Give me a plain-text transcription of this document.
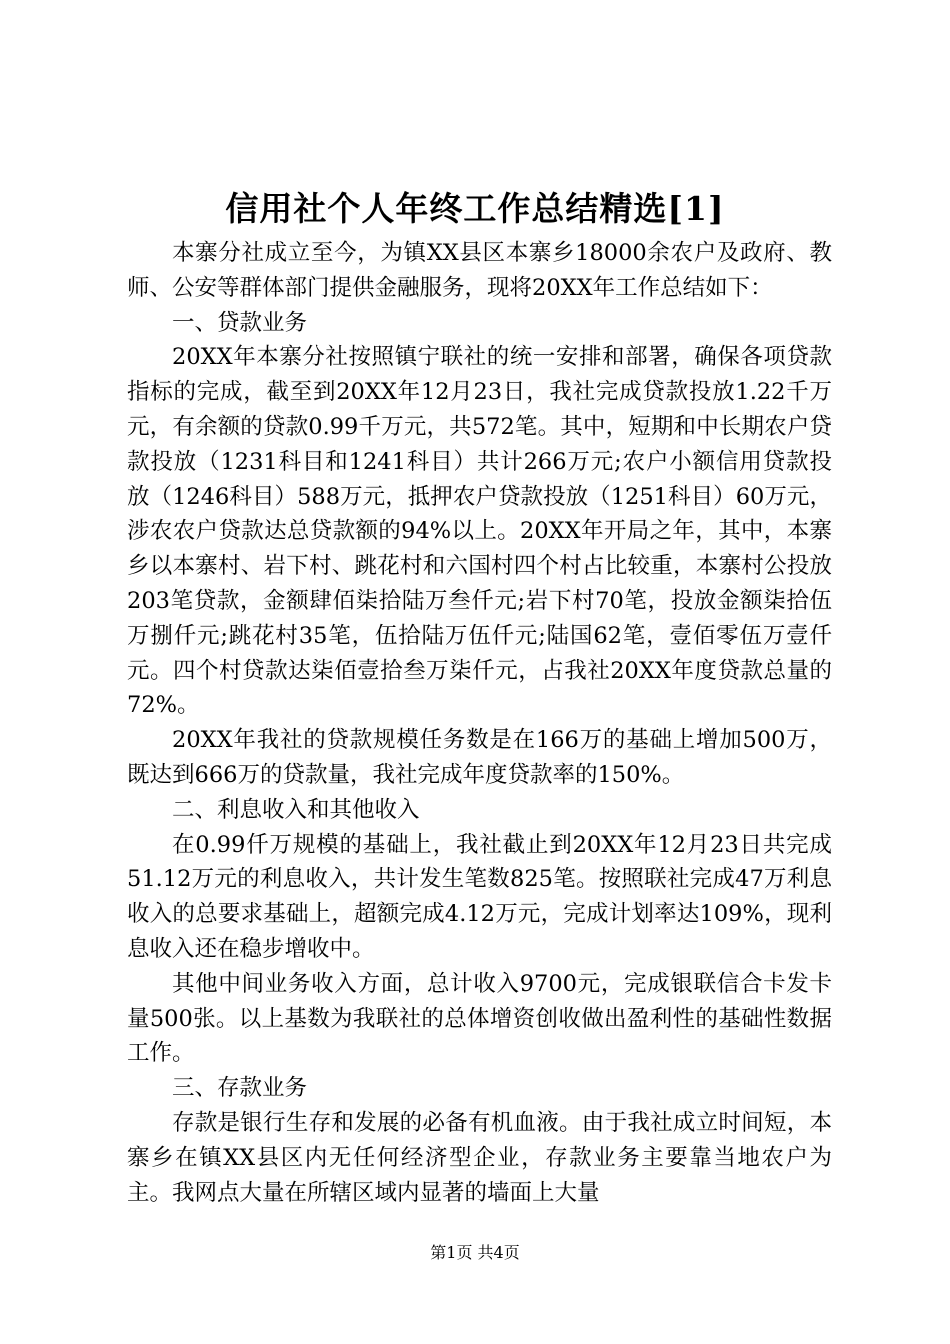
信用社个人年终工作总结精选[1]

本寨分社成立至今，为镇XX县区本寨乡18000余农户及政府、教师、公安等群体部门提供金融服务，现将20XX年工作总结如下：

一、贷款业务

20XX年本寨分社按照镇宁联社的统一安排和部署，确保各项贷款指标的完成，截至到20XX年12月23日，我社完成贷款投放1.22千万元，有余额的贷款0.99千万元，共572笔。其中，短期和中长期农户贷款投放（1231科目和1241科目）共计266万元;农户小额信用贷款投放（1246科目）588万元，抵押农户贷款投放（1251科目）60万元，涉农农户贷款达总贷款额的94%以上。20XX年开局之年，其中，本寨乡以本寨村、岩下村、跳花村和六国村四个村占比较重，本寨村公投放203笔贷款，金额肆佰柒拾陆万叁仟元;岩下村70笔，投放金额柒拾伍万捌仟元;跳花村35笔，伍拾陆万伍仟元;陆国62笔，壹佰零伍万壹仟元。四个村贷款达柒佰壹拾叁万柒仟元，占我社20XX年度贷款总量的72%。

20XX年我社的贷款规模任务数是在166万的基础上增加500万，既达到666万的贷款量，我社完成年度贷款率的150%。

二、利息收入和其他收入

在0.99仟万规模的基础上，我社截止到20XX年12月23日共完成51.12万元的利息收入，共计发生笔数825笔。按照联社完成47万利息收入的总要求基础上，超额完成4.12万元，完成计划率达109%，现利息收入还在稳步增收中。

其他中间业务收入方面，总计收入9700元，完成银联信合卡发卡量500张。以上基数为我联社的总体增资创收做出盈利性的基础性数据工作。

三、存款业务

存款是银行生存和发展的必备有机血液。由于我社成立时间短，本寨乡在镇XX县区内无任何经济型企业，存款业务主要靠当地农户为主。我网点大量在所辖区域内显著的墙面上大量

第1页 共4页
